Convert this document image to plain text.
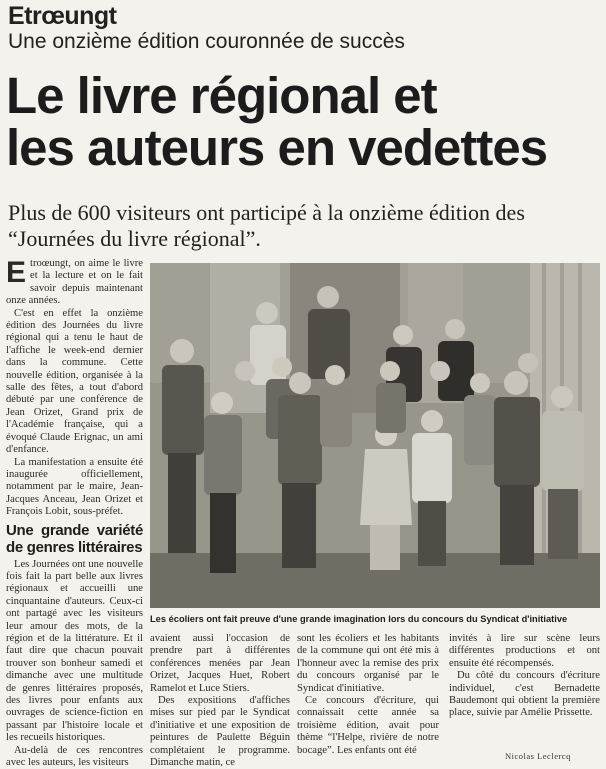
Etrœungt
Une onzième édition couronnée de succès
Le livre régional et
les auteurs en vedettes
Plus de 600 visiteurs ont participé à la onzième édition des “Journées du livre régional”.

Etroœungt, on aime le livre et la lecture et on le fait savoir depuis maintenant onze années.

C'est en effet la onzième édition des Journées du livre régional qui a tenu le haut de l'affiche le week-end dernier dans la commune. Cette nouvelle édition, organisée à la salle des fêtes, a tout d'abord débuté par une conférence de Jean Orizet, Grand prix de l'Académie française, qui a évoqué Claude Erignac, un ami d'enfance.

La manifestation a ensuite été inaugurée officiellement, notamment par le maire, Jean-Jacques Anceau, Jean Orizet et François Lobit, sous-préfet.

Une grande variété de genres littéraires

Les Journées ont une nouvelle fois fait la part belle aux livres régionaux et accueilli une cinquantaine d'auteurs. Ceux-ci ont partagé avec les visiteurs leur amour des mots, de la région et de la littérature. Et il faut dire que chacun pouvait trouver son bonheur samedi et dimanche avec une multitude de genres littéraires proposés, des livres pour enfants aux ouvrages de science-fiction en passant par l'histoire locale et les recueils historiques.

Au-delà de ces rencontres avec les auteurs, les visiteurs

Les écoliers ont fait preuve d'une grande imagination lors du concours du Syndicat d'initiative

avaient aussi l'occasion de prendre part à différentes conférences menées par Jean Orizet, Jacques Huet, Robert Ramelot et Luce Stiers.

Des expositions d'affiches mises sur pied par le Syndicat d'initiative et une exposition de peintures de Paulette Béguin complétaient le programme. Dimanche matin, ce

sont les écoliers et les habitants de la commune qui ont été mis à l'honneur avec la remise des prix du concours organisé par le Syndicat d'initiative.

Ce concours d'écriture, qui connaissait cette année sa troisième édition, avait pour thème “l'Helpe, rivière de notre bocage”. Les enfants ont été

invités à lire sur scène leurs différentes productions et ont ensuite été récompensés.

Du côté du concours d'écriture individuel, c'est Bernadette Baudemont qui obtient la première place, suivie par Amélie Prissette.

Nicolas Leclercq
